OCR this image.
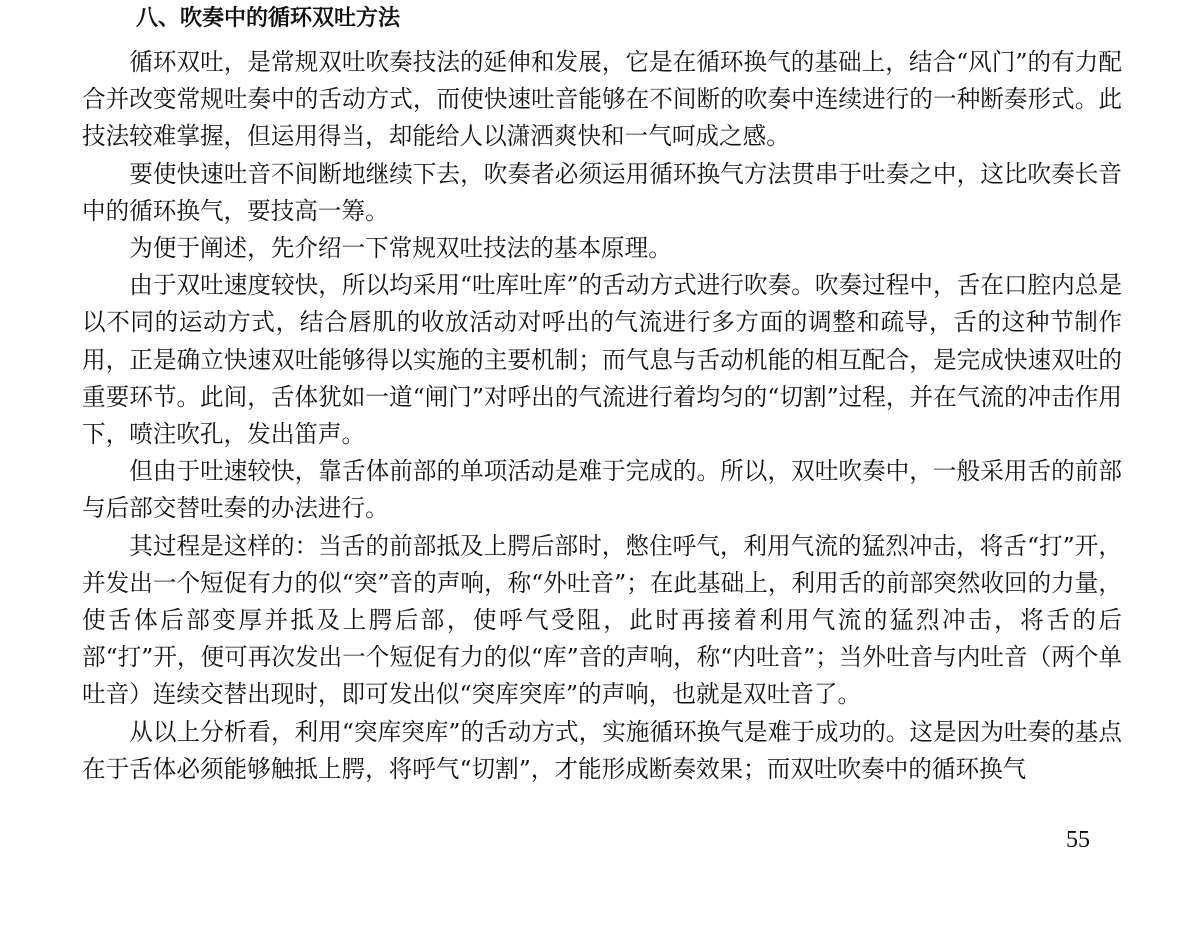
八、吹奏中的循环双吐方法

循环双吐，是常规双吐吹奏技法的延伸和发展，它是在循环换气的基础上，结合“风门”的有力配合并改变常规吐奏中的舌动方式，而使快速吐音能够在不间断的吹奏中连续进行的一种断奏形式。此技法较难掌握，但运用得当，却能给人以潇洒爽快和一气呵成之感。

要使快速吐音不间断地继续下去，吹奏者必须运用循环换气方法贯串于吐奏之中，这比吹奏长音中的循环换气，要技高一筹。

为便于阐述，先介绍一下常规双吐技法的基本原理。

由于双吐速度较快，所以均采用“吐库吐库”的舌动方式进行吹奏。吹奏过程中，舌在口腔内总是以不同的运动方式，结合唇肌的收放活动对呼出的气流进行多方面的调整和疏导，舌的这种节制作用，正是确立快速双吐能够得以实施的主要机制；而气息与舌动机能的相互配合，是完成快速双吐的重要环节。此间，舌体犹如一道“闸门”对呼出的气流进行着均匀的“切割”过程，并在气流的冲击作用下，喷注吹孔，发出笛声。

但由于吐速较快，靠舌体前部的单项活动是难于完成的。所以，双吐吹奏中，一般采用舌的前部与后部交替吐奏的办法进行。

其过程是这样的：当舌的前部抵及上腭后部时，憋住呼气，利用气流的猛烈冲击，将舌“打”开，并发出一个短促有力的似“突”音的声响，称“外吐音”；在此基础上，利用舌的前部突然收回的力量，使舌体后部变厚并抵及上腭后部，使呼气受阻，此时再接着利用气流的猛烈冲击，将舌的后部“打”开，便可再次发出一个短促有力的似“库”音的声响，称“内吐音”；当外吐音与内吐音（两个单吐音）连续交替出现时，即可发出似“突库突库”的声响，也就是双吐音了。

从以上分析看，利用“突库突库”的舌动方式，实施循环换气是难于成功的。这是因为吐奏的基点在于舌体必须能够触抵上腭，将呼气“切割”，才能形成断奏效果；而双吐吹奏中的循环换气

55
